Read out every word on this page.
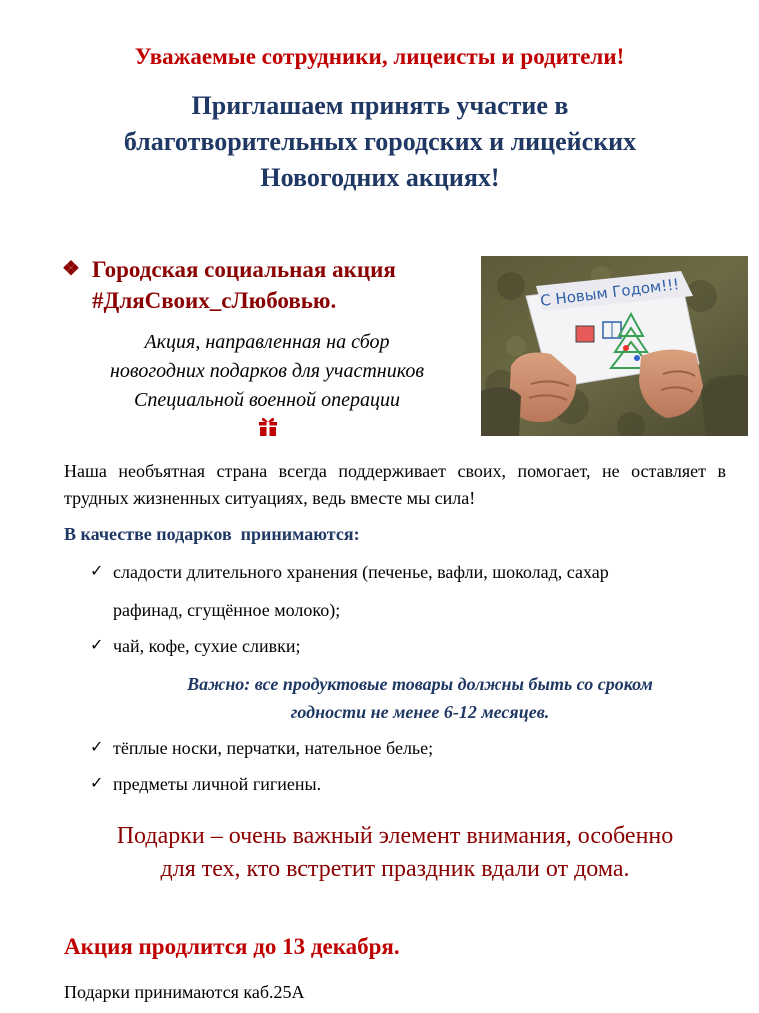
Уважаемые сотрудники, лицеисты и родители!
Приглашаем принять участие в
благотворительных городских и лицейских
Новогодних акциях!
❖ Городская социальная акция
#ДляСвоих_сЛюбовью.	С Новым Годом!!!
Акция, направленная на сбор
новогодних подарков для участников
Специальной военной операции
Наша необъятная страна всегда поддерживает своих, помогает, не оставляет в трудных жизненных ситуациях, ведь вместе мы сила!
В качестве подарков  принимаются:
✓ сладости длительного хранения (печенье, вафли, шоколад, сахар
рафинад, сгущённое молоко);
✓ чай, кофе, сухие сливки;
Важно: все продуктовые товары должны быть со сроком
годности не менее 6-12 месяцев.
✓ тёплые носки, перчатки, нательное белье;
✓ предметы личной гигиены.
Подарки – очень важный элемент внимания, особенно
для тех, кто встретит праздник вдали от дома.
Акция продлится до 13 декабря.
Подарки принимаются каб.25А
